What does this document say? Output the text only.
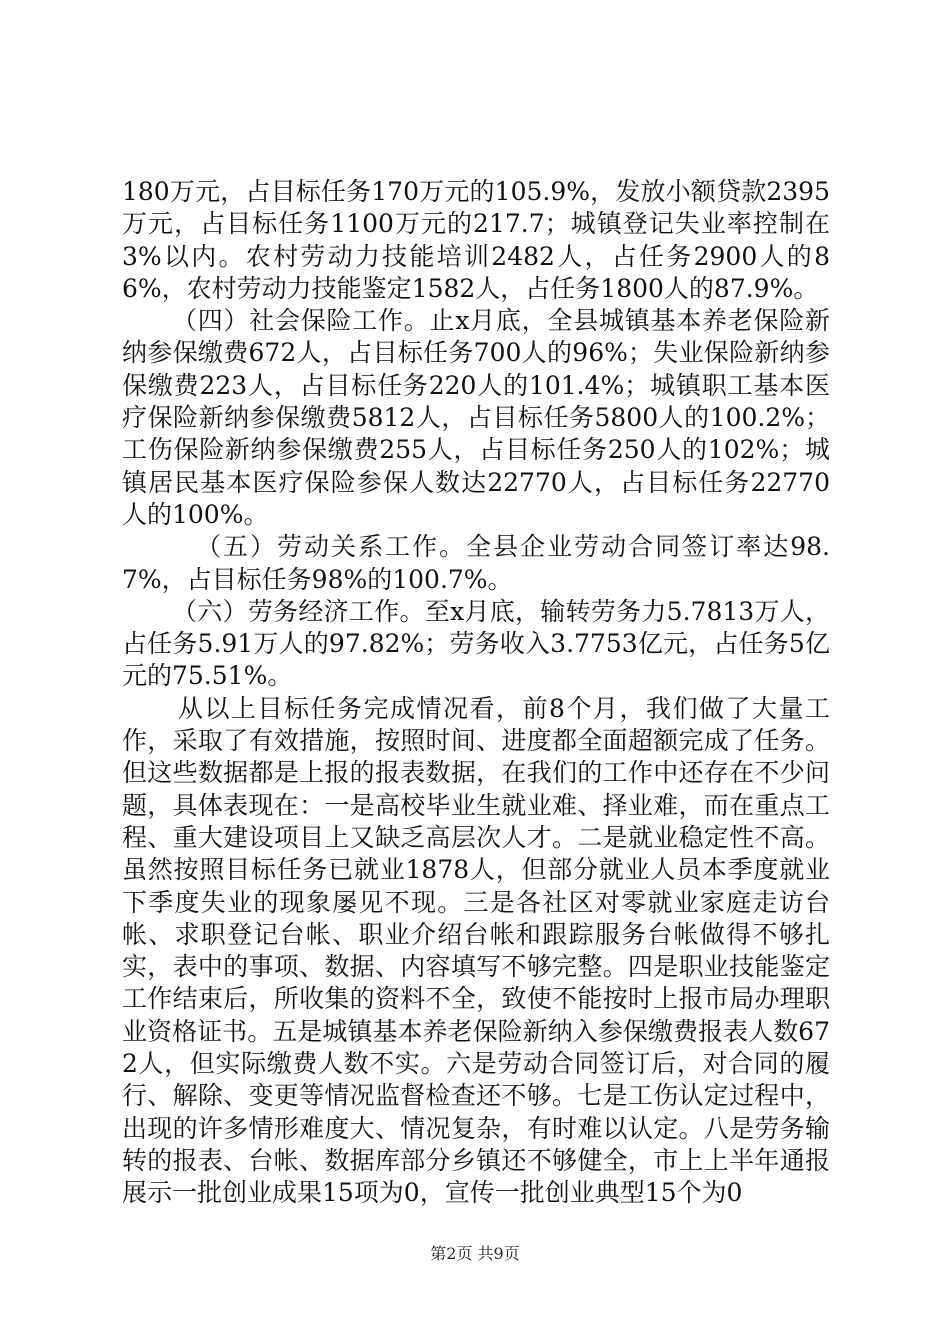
180万元，占目标任务170万元的105.9%，发放小额贷款2395万元，占目标任务1100万元的217.7；城镇登记失业率控制在3%以内。农村劳动力技能培训2482人，占任务2900人的86%，农村劳动力技能鉴定1582人，占任务1800人的87.9%。

（四）社会保险工作。止x月底，全县城镇基本养老保险新纳参保缴费672人，占目标任务700人的96%；失业保险新纳参保缴费223人，占目标任务220人的101.4%；城镇职工基本医疗保险新纳参保缴费5812人，占目标任务5800人的100.2%；工伤保险新纳参保缴费255人，占目标任务250人的102%；城镇居民基本医疗保险参保人数达22770人，占目标任务22770人的100%。

（五）劳动关系工作。全县企业劳动合同签订率达98.7%，占目标任务98%的100.7%。

（六）劳务经济工作。至x月底，输转劳务力5.7813万人，占任务5.91万人的97.82%；劳务收入3.7753亿元，占任务5亿元的75.51%。

从以上目标任务完成情况看，前8个月，我们做了大量工作，采取了有效措施，按照时间、进度都全面超额完成了任务。但这些数据都是上报的报表数据，在我们的工作中还存在不少问题，具体表现在：一是高校毕业生就业难、择业难，而在重点工程、重大建设项目上又缺乏高层次人才。二是就业稳定性不高。虽然按照目标任务已就业1878人，但部分就业人员本季度就业下季度失业的现象屡见不现。三是各社区对零就业家庭走访台帐、求职登记台帐、职业介绍台帐和跟踪服务台帐做得不够扎实，表中的事项、数据、内容填写不够完整。四是职业技能鉴定工作结束后，所收集的资料不全，致使不能按时上报市局办理职业资格证书。五是城镇基本养老保险新纳入参保缴费报表人数672人，但实际缴费人数不实。六是劳动合同签订后，对合同的履行、解除、变更等情况监督检查还不够。七是工伤认定过程中，出现的许多情形难度大、情况复杂，有时难以认定。八是劳务输转的报表、台帐、数据库部分乡镇还不够健全，市上上半年通报展示一批创业成果15项为0，宣传一批创业典型15个为0

第2页 共9页
